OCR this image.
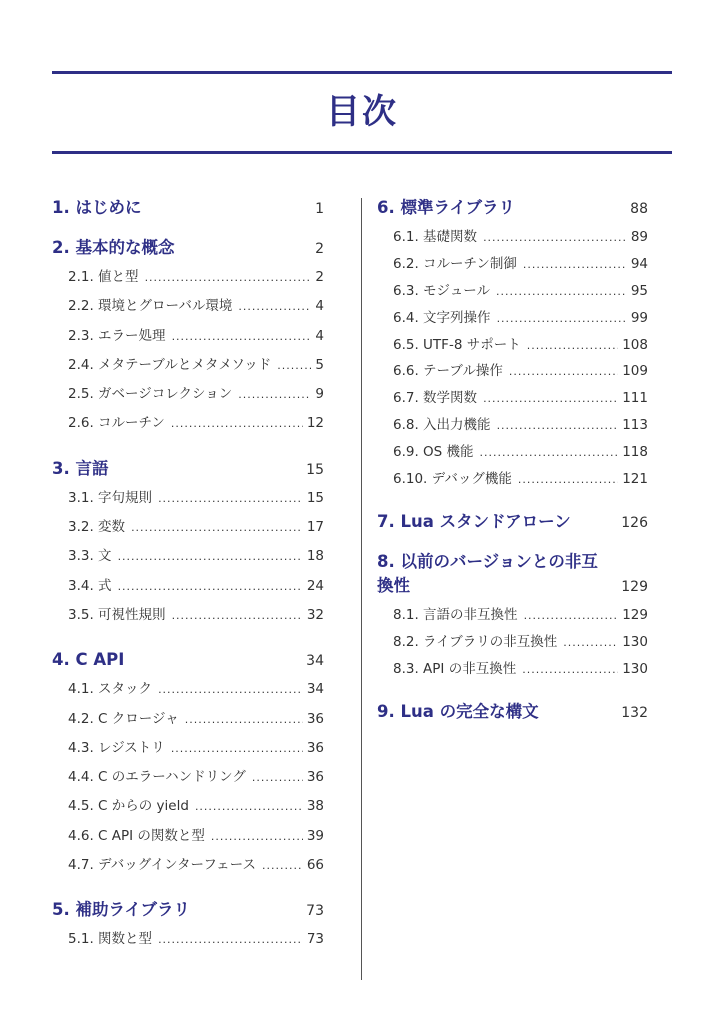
目次
1. はじめに	1
2. 基本的な概念	2
2.1. 値と型 .....	2
2.2. 環境とグローバル環境 .....	4
2.3. エラー処理 .....	4
2.4. メタテーブルとメタメソッド .....	5
2.5. ガベージコレクション .....	9
2.6. コルーチン .....	12
3. 言語	15
3.1. 字句規則 .....	15
3.2. 変数 .....	17
3.3. 文 .....	18
3.4. 式 .....	24
3.5. 可視性規則 .....	32
4. C API	34
4.1. スタック .....	34
4.2. C クロージャ .....	36
4.3. レジストリ .....	36
4.4. C のエラーハンドリング .....	36
4.5. C からの yield .....	38
4.6. C API の関数と型 .....	39
4.7. デバッグインターフェース .....	66
5. 補助ライブラリ	73
5.1. 関数と型 .....	73
6. 標準ライブラリ	88
6.1. 基礎関数 .....	89
6.2. コルーチン制御 .....	94
6.3. モジュール .....	95
6.4. 文字列操作 .....	99
6.5. UTF-8 サポート .....	108
6.6. テーブル操作 .....	109
6.7. 数学関数 .....	111
6.8. 入出力機能 .....	113
6.9. OS 機能 .....	118
6.10. デバッグ機能 .....	121
7. Lua スタンドアローン	126
8. 以前のバージョンとの非互
換性	129
8.1. 言語の非互換性 .....	129
8.2. ライブラリの非互換性 .....	130
8.3. API の非互換性 .....	130
9. Lua の完全な構文	132
